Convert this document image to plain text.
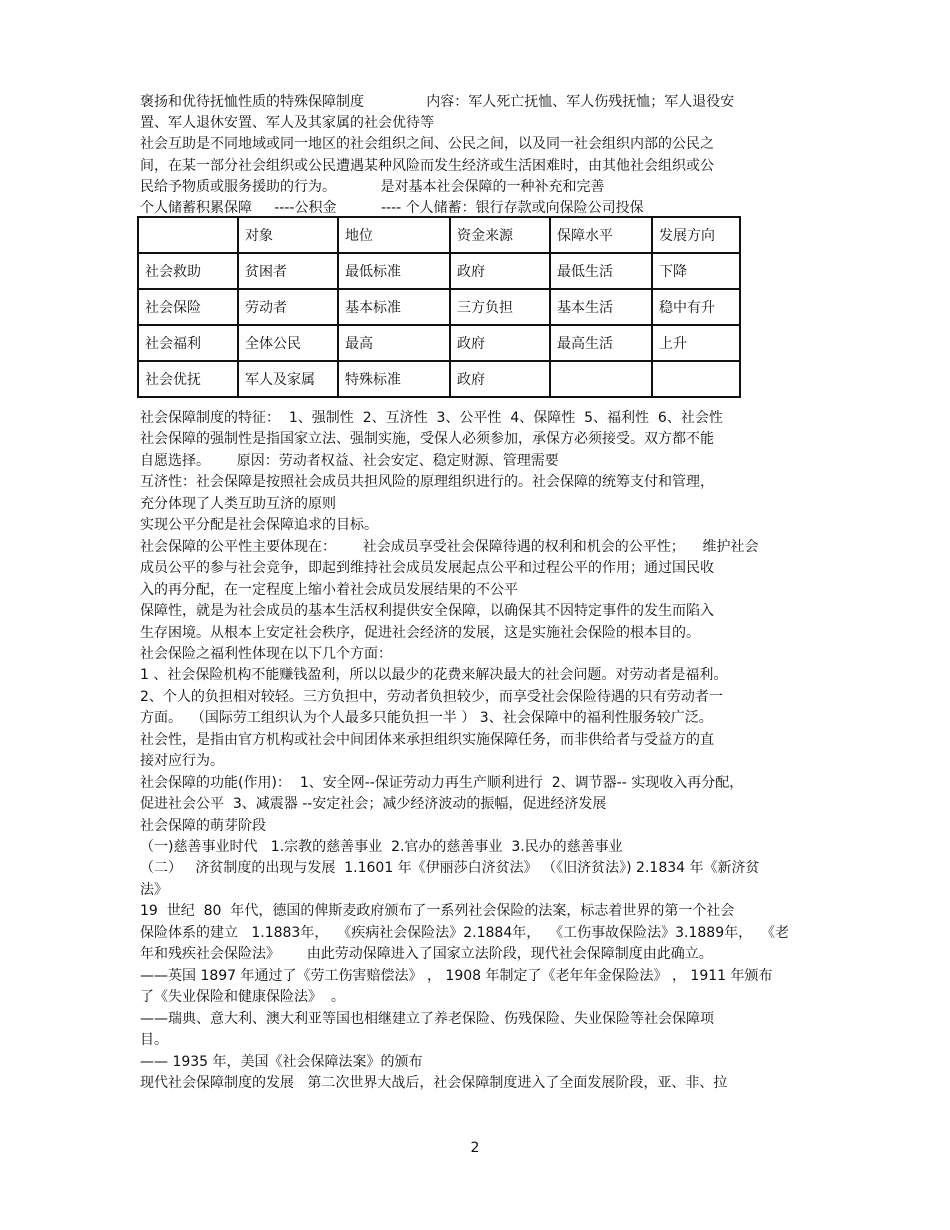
褒扬和优待抚恤性质的特殊保障制度              内容：军人死亡抚恤、军人伤残抚恤；军人退役安
置、军人退休安置、军人及其家属的社会优待等
社会互助是不同地域或同一地区的社会组织之间、公民之间，以及同一社会组织内部的公民之
间，在某一部分社会组织或公民遭遇某种风险而发生经济或生活困难时，由其他社会组织或公
民给予物质或服务援助的行为。          是对基本社会保障的一种补充和完善
个人储蓄积累保障     ----公积金          ---- 个人储蓄：银行存款或向保险公司投保
	对象	地位	资金来源	保障水平	发展方向
社会救助	贫困者	最低标准	政府	最低生活	下降
社会保险	劳动者	基本标准	三方负担	基本生活	稳中有升
社会福利	全体公民	最高	政府	最高生活	上升
社会优抚	军人及家属	特殊标准	政府		
社会保障制度的特征：  1、强制性  2、互济性  3、公平性  4、保障性  5、福利性  6、社会性
社会保障的强制性是指国家立法、强制实施，受保人必须参加，承保方必须接受。双方都不能
自愿选择。      原因：劳动者权益、社会安定、稳定财源、管理需要
互济性：社会保障是按照社会成员共担风险的原理组织进行的。社会保障的统筹支付和管理，
充分体现了人类互助互济的原则
实现公平分配是社会保障追求的目标。
社会保障的公平性主要体现在：      社会成员享受社会保障待遇的权利和机会的公平性；    维护社会
成员公平的参与社会竞争，即起到维持社会成员发展起点公平和过程公平的作用；通过国民收
入的再分配，在一定程度上缩小着社会成员发展结果的不公平
保障性，就是为社会成员的基本生活权利提供安全保障，以确保其不因特定事件的发生而陷入
生存困境。从根本上安定社会秩序，促进社会经济的发展，这是实施社会保险的根本目的。
社会保险之福利性体现在以下几个方面：
1 、社会保险机构不能赚钱盈利，所以以最少的花费来解决最大的社会问题。对劳动者是福利。
2、个人的负担相对较轻。三方负担中，劳动者负担较少，而享受社会保险待遇的只有劳动者一
方面。  （国际劳工组织认为个人最多只能负担一半 ） 3、社会保障中的福利性服务较广泛。
社会性，是指由官方机构或社会中间团体来承担组织实施保障任务，而非供给者与受益方的直
接对应行为。
社会保障的功能(作用)：  1、安全网--保证劳动力再生产顺利进行  2、调节器-- 实现收入再分配，
促进社会公平  3、减震器 --安定社会；减少经济波动的振幅，促进经济发展
社会保障的萌芽阶段
（一)慈善事业时代   1.宗教的慈善事业  2.官办的慈善事业  3.民办的慈善事业
（二）   济贫制度的出现与发展  1.1601 年《伊丽莎白济贫法》 （《旧济贫法》) 2.1834 年《新济贫
法》
19  世纪  80  年代，德国的俾斯麦政府颁布了一系列社会保险的法案，标志着世界的第一个社会
保险体系的建立   1.1883年，  《疾病社会保险法》2.1884年，  《工伤事故保险法》3.1889年，  《老
年和残疾社会保险法》      由此劳动保障进入了国家立法阶段，现代社会保障制度由此确立。
——英国 1897 年通过了《劳工伤害赔偿法》 ， 1908 年制定了《老年年金保险法》 ， 1911 年颁布
了《失业保险和健康保险法》  。
——瑞典、意大利、澳大利亚等国也相继建立了养老保险、伤残保险、失业保险等社会保障项
目。
—— 1935 年，美国《社会保障法案》的颁布
现代社会保障制度的发展   第二次世界大战后，社会保障制度进入了全面发展阶段，亚、非、拉
2
